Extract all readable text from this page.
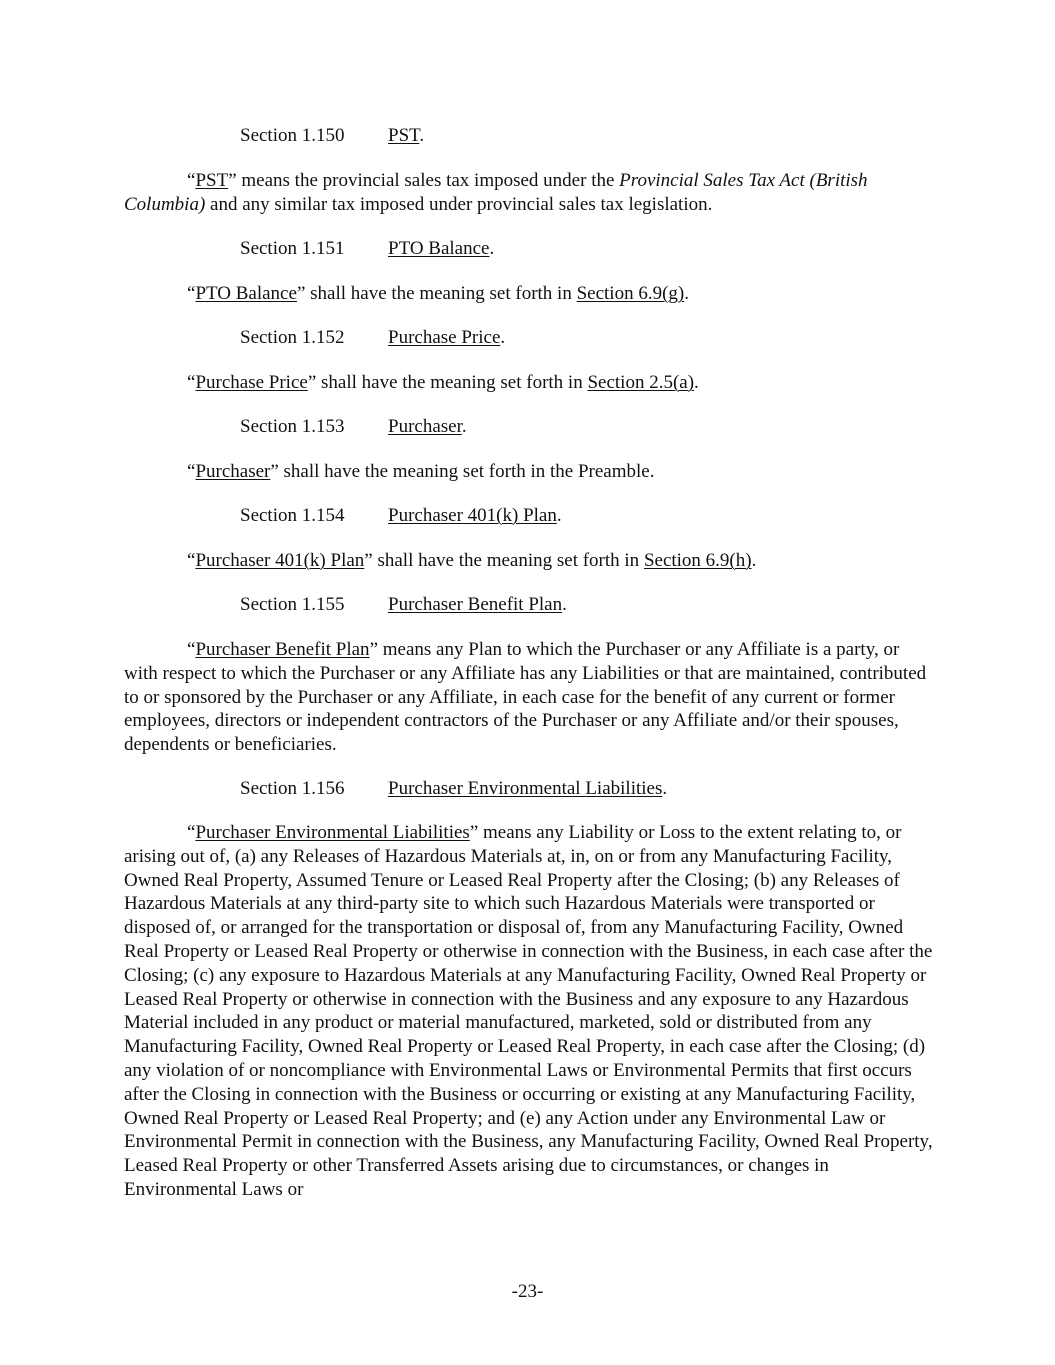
Section 1.150 PST.

“PST” means the provincial sales tax imposed under the Provincial Sales Tax Act (British Columbia) and any similar tax imposed under provincial sales tax legislation.

Section 1.151 PTO Balance.

“PTO Balance” shall have the meaning set forth in Section 6.9(g).

Section 1.152 Purchase Price.

“Purchase Price” shall have the meaning set forth in Section 2.5(a).

Section 1.153 Purchaser.

“Purchaser” shall have the meaning set forth in the Preamble.

Section 1.154 Purchaser 401(k) Plan.

“Purchaser 401(k) Plan” shall have the meaning set forth in Section 6.9(h).

Section 1.155 Purchaser Benefit Plan.

“Purchaser Benefit Plan” means any Plan to which the Purchaser or any Affiliate is a party, or with respect to which the Purchaser or any Affiliate has any Liabilities or that are maintained, contributed to or sponsored by the Purchaser or any Affiliate, in each case for the benefit of any current or former employees, directors or independent contractors of the Purchaser or any Affiliate and/or their spouses, dependents or beneficiaries.

Section 1.156 Purchaser Environmental Liabilities.

“Purchaser Environmental Liabilities” means any Liability or Loss to the extent relating to, or arising out of, (a) any Releases of Hazardous Materials at, in, on or from any Manufacturing Facility, Owned Real Property, Assumed Tenure or Leased Real Property after the Closing; (b) any Releases of Hazardous Materials at any third-party site to which such Hazardous Materials were transported or disposed of, or arranged for the transportation or disposal of, from any Manufacturing Facility, Owned Real Property or Leased Real Property or otherwise in connection with the Business, in each case after the Closing; (c) any exposure to Hazardous Materials at any Manufacturing Facility, Owned Real Property or Leased Real Property or otherwise in connection with the Business and any exposure to any Hazardous Material included in any product or material manufactured, marketed, sold or distributed from any Manufacturing Facility, Owned Real Property or Leased Real Property, in each case after the Closing; (d) any violation of or noncompliance with Environmental Laws or Environmental Permits that first occurs after the Closing in connection with the Business or occurring or existing at any Manufacturing Facility, Owned Real Property or Leased Real Property; and (e) any Action under any Environmental Law or Environmental Permit in connection with the Business, any Manufacturing Facility, Owned Real Property, Leased Real Property or other Transferred Assets arising due to circumstances, or changes in Environmental Laws or

-23-
